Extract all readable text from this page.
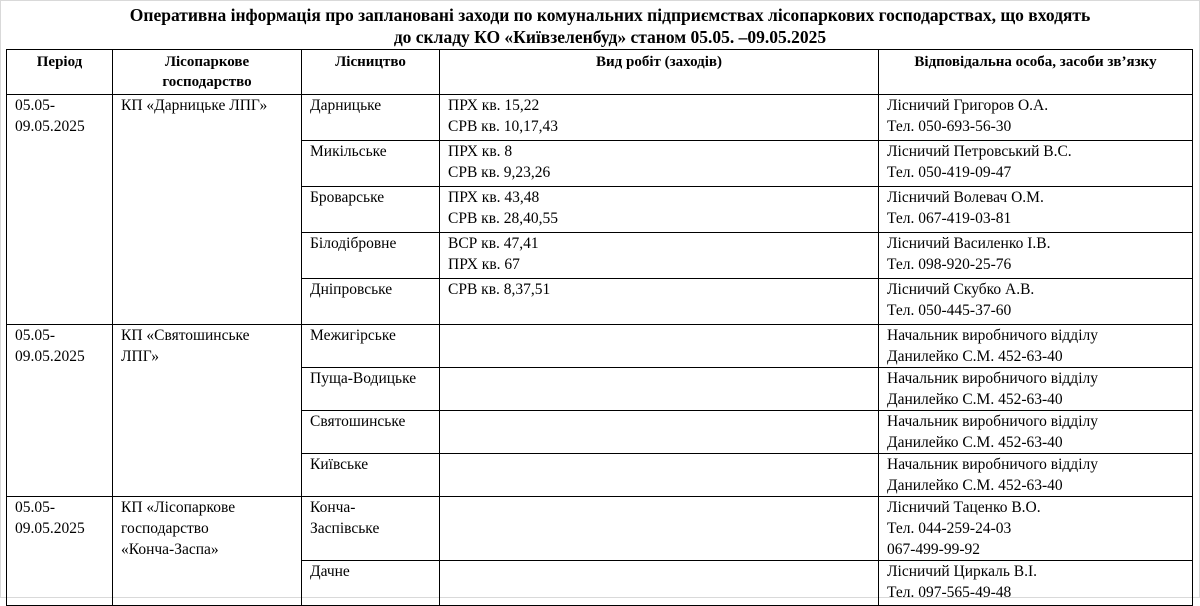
Оперативна інформація про заплановані заходи по комунальних підприємствах лісопаркових господарствах, що входять
до складу КО «Київзеленбуд» станом 05.05. –09.05.2025
Період	Лісопаркове
господарство	Лісництво	Вид робіт (заходів)	Відповідальна особа, засоби зв’язку

05.05-
09.05.2025	КП «Дарницьке ЛПГ»	Дарницьке	ПРХ кв. 15,22
СРВ кв. 10,17,43	Лісничий Григоров О.А.
Тел. 050-693-56-30

		Микільське	ПРХ кв. 8
СРВ кв. 9,23,26	Лісничий Петровський В.С.
Тел. 050-419-09-47

		Броварське	ПРХ кв. 43,48
СРВ кв. 28,40,55	Лісничий Волевач О.М.
Тел. 067-419-03-81

		Білодібровне	ВСР кв. 47,41
ПРХ кв. 67	Лісничий Василенко І.В.
Тел. 098-920-25-76

		Дніпровське	СРВ кв. 8,37,51	Лісничий Скубко А.В.
Тел. 050-445-37-60

05.05-
09.05.2025	КП «Святошинське
ЛПГ»	Межигірське		Начальник виробничого відділу
Данилейко С.М. 452-63-40

		Пуща-Водицьке		Начальник виробничого відділу
Данилейко С.М. 452-63-40

		Святошинське		Начальник виробничого відділу
Данилейко С.М. 452-63-40

		Київське		Начальник виробничого відділу
Данилейко С.М. 452-63-40

05.05-
09.05.2025	КП «Лісопаркове
господарство
«Конча-Заспа»	Конча-
Заспівське		Лісничий Таценко В.О.
Тел. 044-259-24-03
067-499-99-92

		Дачне		Лісничий Циркаль В.І.
Тел. 097-565-49-48
